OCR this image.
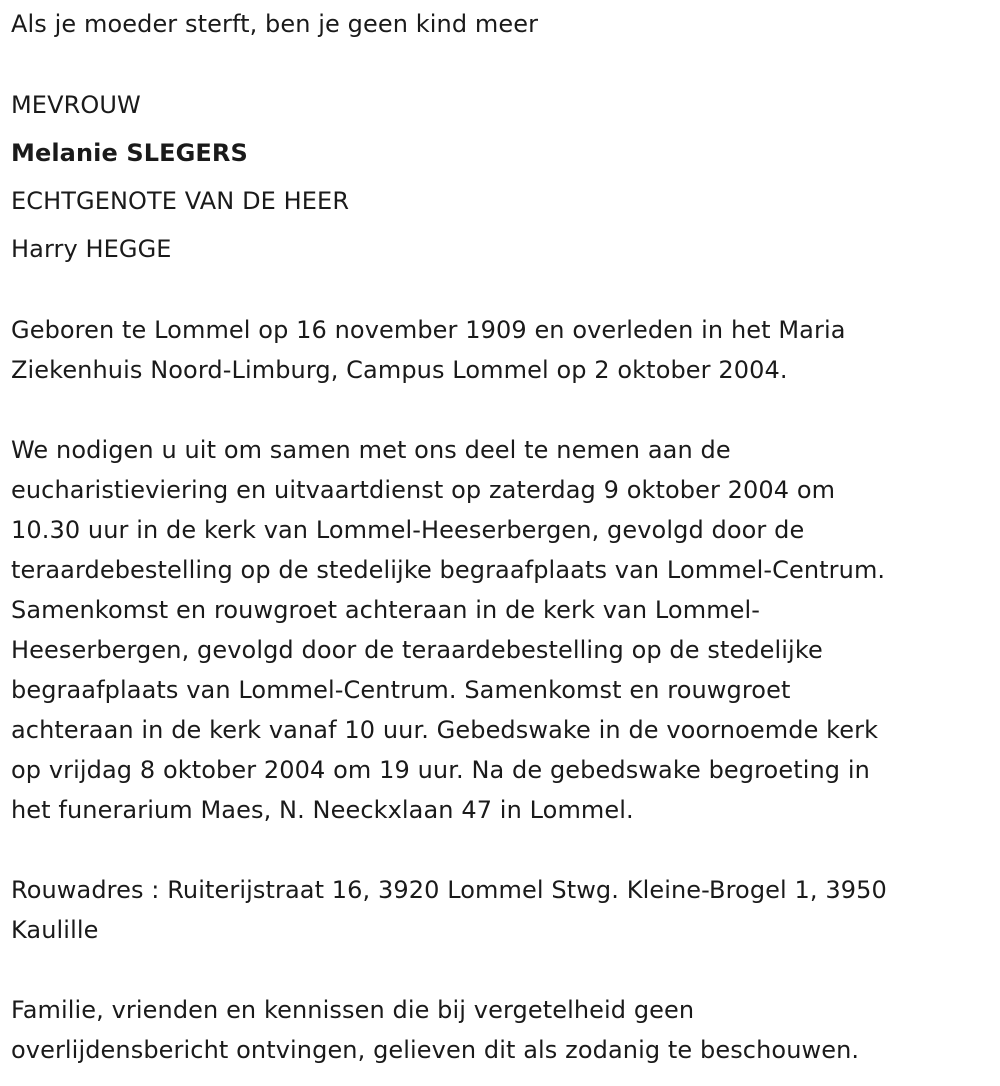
Als je moeder sterft, ben je geen kind meer
MEVROUW
Melanie SLEGERS
ECHTGENOTE VAN DE HEER
Harry HEGGE
Geboren te Lommel op 16 november 1909 en overleden in het Maria
Ziekenhuis Noord-Limburg, Campus Lommel op 2 oktober 2004.
We nodigen u uit om samen met ons deel te nemen aan de
eucharistieviering en uitvaartdienst op zaterdag 9 oktober 2004 om
10.30 uur in de kerk van Lommel-Heeserbergen, gevolgd door de
teraardebestelling op de stedelijke begraafplaats van Lommel-Centrum.
Samenkomst en rouwgroet achteraan in de kerk van Lommel-
Heeserbergen, gevolgd door de teraardebestelling op de stedelijke
begraafplaats van Lommel-Centrum. Samenkomst en rouwgroet
achteraan in de kerk vanaf 10 uur. Gebedswake in de voornoemde kerk
op vrijdag 8 oktober 2004 om 19 uur. Na de gebedswake begroeting in
het funerarium Maes, N. Neeckxlaan 47 in Lommel.
Rouwadres : Ruiterijstraat 16, 3920 Lommel Stwg. Kleine-Brogel 1, 3950
Kaulille
Familie, vrienden en kennissen die bij vergetelheid geen
overlijdensbericht ontvingen, gelieven dit als zodanig te beschouwen.
